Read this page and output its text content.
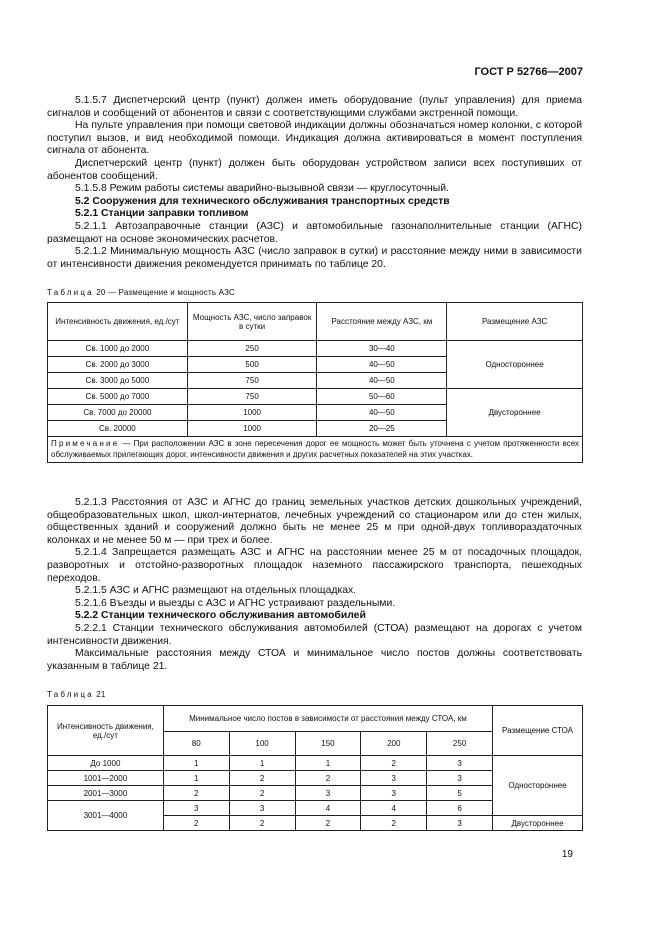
ГОСТ Р 52766—2007

5.1.5.7 Диспетчерский центр (пункт) должен иметь оборудование (пульт управления) для приема сигналов и сообщений от абонентов и связи с соответствующими службами экстренной помощи.

На пульте управления при помощи световой индикации должны обозначаться номер колонки, с которой поступил вызов, и вид необходимой помощи. Индикация должна активироваться в момент поступления сигнала от абонента.

Диспетчерский центр (пункт) должен быть оборудован устройством записи всех поступивших от абонентов сообщений.

5.1.5.8 Режим работы системы аварийно-вызывной связи — круглосуточный.

5.2 Сооружения для технического обслуживания транспортных средств

5.2.1 Станции заправки топливом

5.2.1.1 Автозаправочные станции (АЗС) и автомобильные газонаполнительные станции (АГНС) размещают на основе экономических расчетов.

5.2.1.2 Минимальную мощность АЗС (число заправок в сутки) и расстояние между ними в зависимости от интенсивности движения рекомендуется принимать по таблице 20.

Таблица 20 — Размещение и мощность АЗС
Интенсивность движения, ед./сут	Мощность АЗС, число заправок в сутки	Расстояние между АЗС, км	Размещение АЗС
Св. 1000 до 2000	250	30—40	Одностороннее
Св. 2000 до 3000	500	40—50	
Св. 3000 до 5000	750	40—50	
Св. 5000 до 7000	750	50—60	Двустороннее
Св. 7000 до 20000	1000	40—50	
Св. 20000	1000	20—25	
Примечание — При расположении АЗС в зоне пересечения дорог ее мощность может быть уточнена с учетом протяженности всех обслуживаемых прилегающих дорог, интенсивности движения и других расчетных показателей на этих участках.			

5.2.1.3 Расстояния от АЗС и АГНС до границ земельных участков детских дошкольных учреждений, общеобразовательных школ, школ-интернатов, лечебных учреждений со стационаром или до стен жилых, общественных зданий и сооружений должно быть не менее 25 м при одной-двух топливораздаточных колонках и не менее 50 м — при трех и более.

5.2.1.4 Запрещается размещать АЗС и АГНС на расстоянии менее 25 м от посадочных площадок, разворотных и отстойно-разворотных площадок наземного пассажирского транспорта, пешеходных переходов.

5.2.1.5 АЗС и АГНС размещают на отдельных площадках.

5.2.1.6 Въезды и выезды с АЗС и АГНС устраивают раздельными.

5.2.2 Станции технического обслуживания автомобилей

5.2.2.1 Станции технического обслуживания автомобилей (СТОА) размещают на дорогах с учетом интенсивности движения.

Максимальные расстояния между СТОА и минимальное число постов должны соответствовать указанным в таблице 21.

Таблица 21
Интенсивность движения, ед./сут	Минимальное число постов в зависимости от расстояния между СТОА, км					Размещение СТОА
	80	100	150	200	250	
До 1000	1	1	1	2	3	Одностороннее
1001—2000	1	2	2	3	3	
2001—3000	2	2	3	3	5	
3001—4000	3	3	4	4	6	
	2	2	2	2	3	Двустороннее
19
